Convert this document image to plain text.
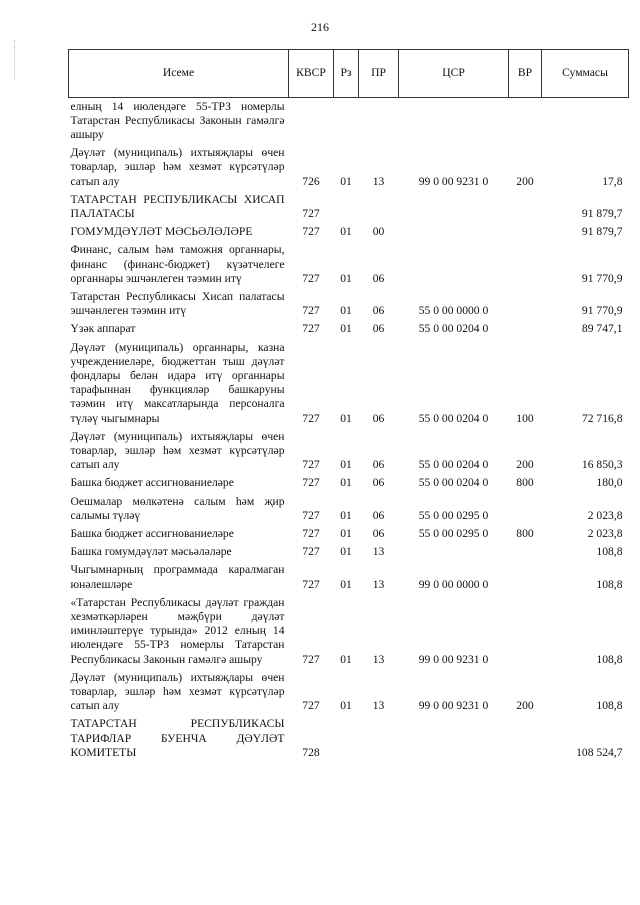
216
Исеме	КВСР	Рз	ПР	ЦСР	ВР	Суммасы
елның 14 июлендәге 55-ТРЗ номерлы Татарстан Республикасы Законын гамәлгә ашыру						
Дәүләт (муниципаль) ихтыяҗлары өчен товарлар, эшләр һәм хезмәт күрсәтүләр сатып алу	726	01	13	99 0 00 9231 0	200	17,8
ТАТАРСТАН РЕСПУБЛИКАСЫ ХИСАП ПАЛАТАСЫ	727					91 879,7
ГОМУМДӘҮЛӘТ МӘСЬӘЛӘЛӘРЕ	727	01	00			91 879,7
Финанс, салым һәм таможня органнары, финанс (финанс-бюджет) күзәтчелеге органнары эшчәнлеген тәэмин итү	727	01	06			91 770,9
Татарстан Республикасы Хисап палатасы эшчәнлеген тәэмин итү	727	01	06	55 0 00 0000 0		91 770,9
Үзәк аппарат	727	01	06	55 0 00 0204 0		89 747,1
Дәүләт (муниципаль) органнары, казна учреждениеләре, бюджеттан тыш дәүләт фондлары белән идарә итү органнары тарафыннан функцияләр башкаруны тәэмин итү максатларында персоналга түләү чыгымнары	727	01	06	55 0 00 0204 0	100	72 716,8
Дәүләт (муниципаль) ихтыяҗлары өчен товарлар, эшләр һәм хезмәт күрсәтүләр сатып алу	727	01	06	55 0 00 0204 0	200	16 850,3
Башка бюджет ассигнованиеләре	727	01	06	55 0 00 0204 0	800	180,0
Оешмалар мөлкәтенә салым һәм җир салымы түләү	727	01	06	55 0 00 0295 0		2 023,8
Башка бюджет ассигнованиеләре	727	01	06	55 0 00 0295 0	800	2 023,8
Башка гомумдәүләт мәсьәләләре	727	01	13			108,8
Чыгымнарның программада каралмаган юнәлешләре	727	01	13	99 0 00 0000 0		108,8
«Татарстан Республикасы дәүләт граждан хезмәткәрләрен мәҗбүри дәүләт иминләштерүе турында» 2012 елның 14 июлендәге 55-ТРЗ номерлы Татарстан Республикасы Законын гамәлгә ашыру	727	01	13	99 0 00 9231 0		108,8
Дәүләт (муниципаль) ихтыяҗлары өчен товарлар, эшләр һәм хезмәт күрсәтүләр сатып алу	727	01	13	99 0 00 9231 0	200	108,8
ТАТАРСТАН РЕСПУБЛИКАСЫ ТАРИФЛАР БУЕНЧА ДӘҮЛӘТ КОМИТЕТЫ	728					108 524,7
